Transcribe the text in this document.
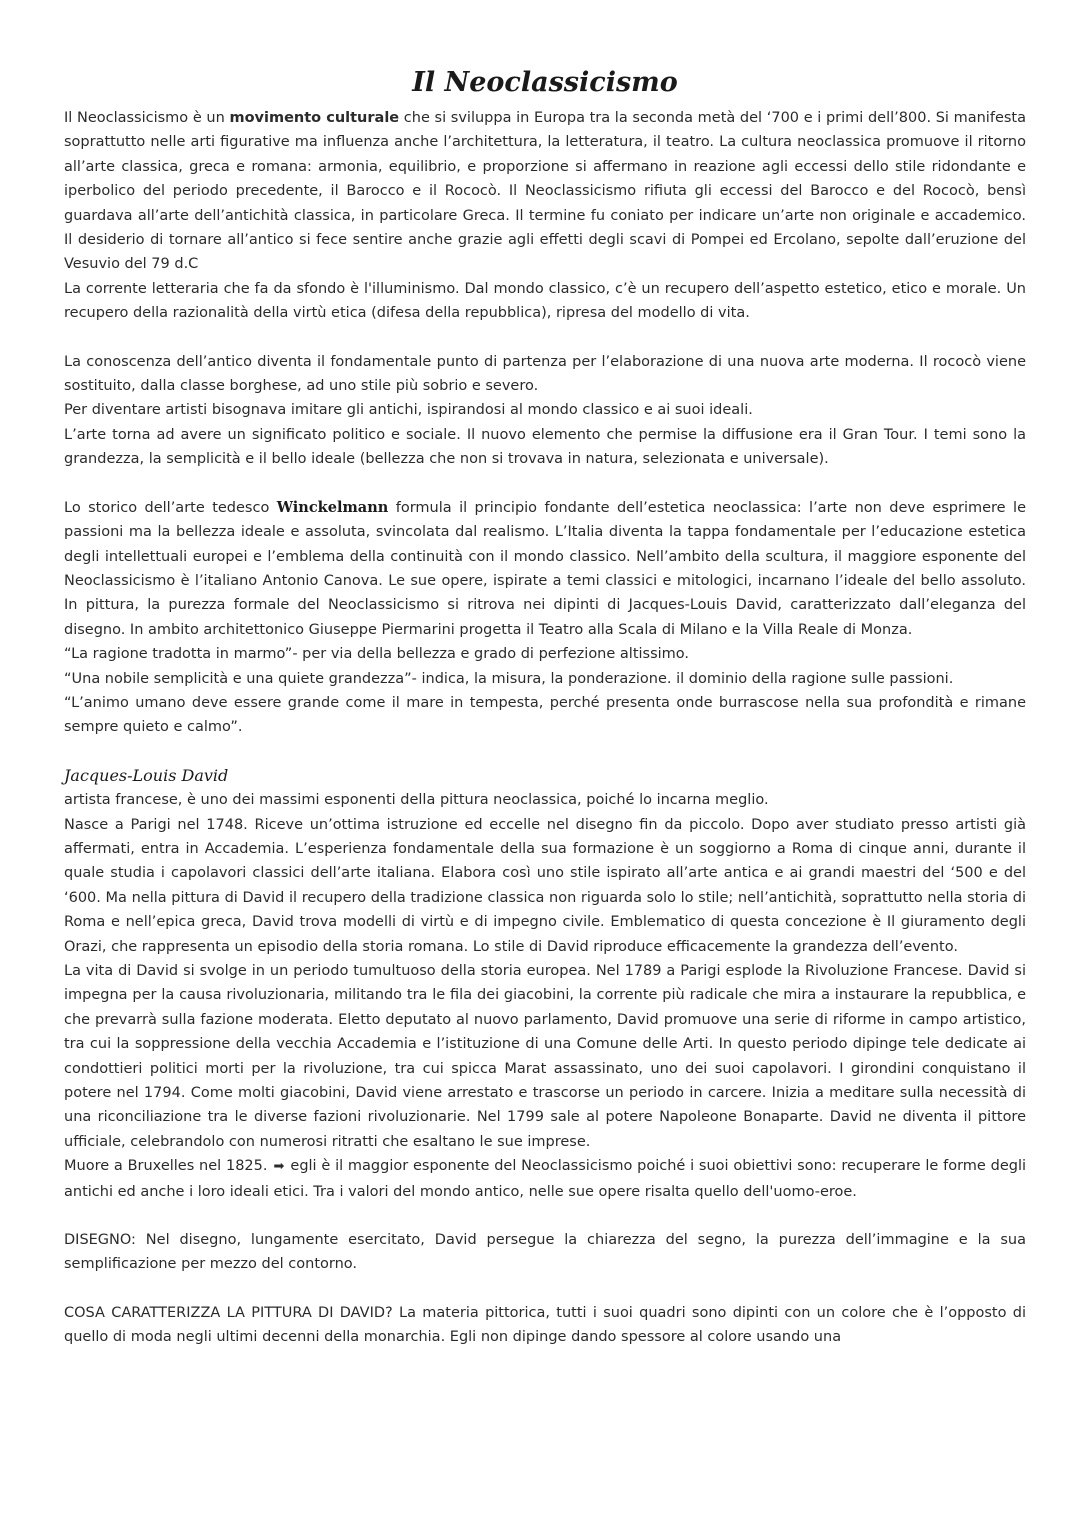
Il Neoclassicismo

Il Neoclassicismo è un movimento culturale che si sviluppa in Europa tra la seconda metà del ‘700 e i primi dell’800. Si manifesta soprattutto nelle arti figurative ma influenza anche l’architettura, la letteratura, il teatro. La cultura neoclassica promuove il ritorno all’arte classica, greca e romana: armonia, equilibrio, e proporzione si affermano in reazione agli eccessi dello stile ridondante e iperbolico del periodo precedente, il Barocco e il Rococò. Il Neoclassicismo rifiuta gli eccessi del Barocco e del Rococò, bensì guardava all’arte dell’antichità classica, in particolare Greca. Il termine fu coniato per indicare un’arte non originale e accademico. Il desiderio di tornare all’antico si fece sentire anche grazie agli effetti degli scavi di Pompei ed Ercolano, sepolte dall’eruzione del Vesuvio del 79 d.C

La corrente letteraria che fa da sfondo è l'illuminismo. Dal mondo classico, c’è un recupero dell’aspetto estetico, etico e morale. Un recupero della razionalità della virtù etica (difesa della repubblica), ripresa del modello di vita.

La conoscenza dell’antico diventa il fondamentale punto di partenza per l’elaborazione di una nuova arte moderna. Il rococò viene sostituito, dalla classe borghese, ad uno stile più sobrio e severo.

Per diventare artisti bisognava imitare gli antichi, ispirandosi al mondo classico e ai suoi ideali.

L’arte torna ad avere un significato politico e sociale. Il nuovo elemento che permise la diffusione era il Gran Tour. I temi sono la grandezza, la semplicità e il bello ideale (bellezza che non si trovava in natura, selezionata e universale).

Lo storico dell’arte tedesco Winckelmann formula il principio fondante dell’estetica neoclassica: l’arte non deve esprimere le passioni ma la bellezza ideale e assoluta, svincolata dal realismo. L’Italia diventa la tappa fondamentale per l’educazione estetica degli intellettuali europei e l’emblema della continuità con il mondo classico. Nell’ambito della scultura, il maggiore esponente del Neoclassicismo è l’italiano Antonio Canova. Le sue opere, ispirate a temi classici e mitologici, incarnano l’ideale del bello assoluto. In pittura, la purezza formale del Neoclassicismo si ritrova nei dipinti di Jacques-Louis David, caratterizzato dall’eleganza del disegno. In ambito architettonico Giuseppe Piermarini progetta il Teatro alla Scala di Milano e la Villa Reale di Monza.

“La ragione tradotta in marmo”- per via della bellezza e grado di perfezione altissimo.

“Una nobile semplicità e una quiete grandezza”- indica, la misura, la ponderazione. il dominio della ragione sulle passioni.

“L’animo umano deve essere grande come il mare in tempesta, perché presenta onde burrascose nella sua profondità e rimane sempre quieto e calmo”.

Jacques-Louis David

artista francese, è uno dei massimi esponenti della pittura neoclassica, poiché lo incarna meglio.

Nasce a Parigi nel 1748. Riceve un’ottima istruzione ed eccelle nel disegno fin da piccolo. Dopo aver studiato presso artisti già affermati, entra in Accademia. L’esperienza fondamentale della sua formazione è un soggiorno a Roma di cinque anni, durante il quale studia i capolavori classici dell’arte italiana. Elabora così uno stile ispirato all’arte antica e ai grandi maestri del ‘500 e del ‘600. Ma nella pittura di David il recupero della tradizione classica non riguarda solo lo stile; nell’antichità, soprattutto nella storia di Roma e nell’epica greca, David trova modelli di virtù e di impegno civile. Emblematico di questa concezione è Il giuramento degli Orazi, che rappresenta un episodio della storia romana. Lo stile di David riproduce efficacemente la grandezza dell’evento.

La vita di David si svolge in un periodo tumultuoso della storia europea. Nel 1789 a Parigi esplode la Rivoluzione Francese. David si impegna per la causa rivoluzionaria, militando tra le fila dei giacobini, la corrente più radicale che mira a instaurare la repubblica, e che prevarrà sulla fazione moderata. Eletto deputato al nuovo parlamento, David promuove una serie di riforme in campo artistico, tra cui la soppressione della vecchia Accademia e l’istituzione di una Comune delle Arti. In questo periodo dipinge tele dedicate ai condottieri politici morti per la rivoluzione, tra cui spicca Marat assassinato, uno dei suoi capolavori. I girondini conquistano il potere nel 1794. Come molti giacobini, David viene arrestato e trascorse un periodo in carcere. Inizia a meditare sulla necessità di una riconciliazione tra le diverse fazioni rivoluzionarie. Nel 1799 sale al potere Napoleone Bonaparte. David ne diventa il pittore ufficiale, celebrandolo con numerosi ritratti che esaltano le sue imprese.

Muore a Bruxelles nel 1825. ➡ egli è il maggior esponente del Neoclassicismo poiché i suoi obiettivi sono: recuperare le forme degli antichi ed anche i loro ideali etici. Tra i valori del mondo antico, nelle sue opere risalta quello dell'uomo-eroe.

DISEGNO: Nel disegno, lungamente esercitato, David persegue la chiarezza del segno, la purezza dell’immagine e la sua semplificazione per mezzo del contorno.

COSA CARATTERIZZA LA PITTURA DI DAVID? La materia pittorica, tutti i suoi quadri sono dipinti con un colore che è l’opposto di quello di moda negli ultimi decenni della monarchia. Egli non dipinge dando spessore al colore usando una
